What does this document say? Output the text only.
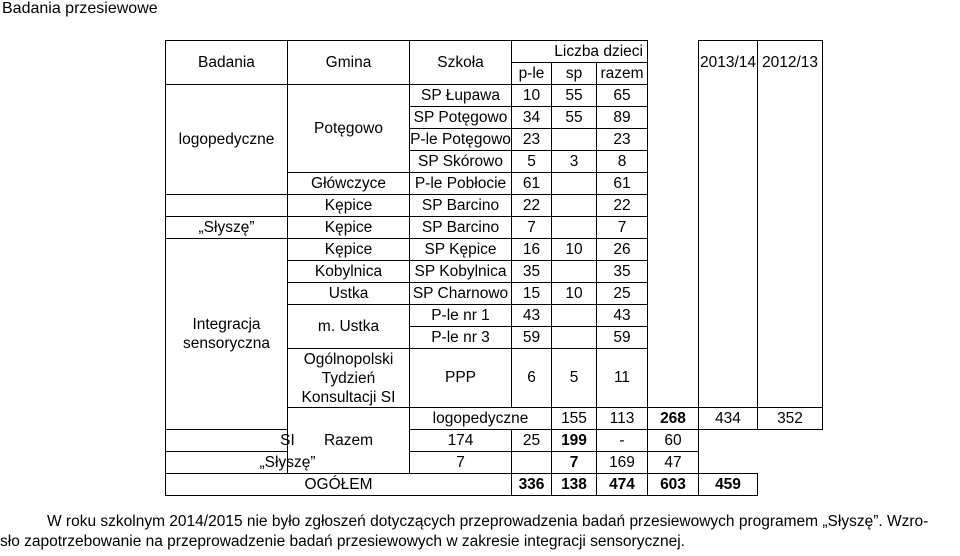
Badania przesiewowe
Badania	Gmina	Szkoła	Liczba dzieci				2013/14	2012/13
			p-le	sp	razem			
logopedyczne	Potęgowo	SP Łupawa	10	55	65			
		SP Potęgowo	34	55	89			
		P-le Potęgowo	23		23			
		SP Skórowo	5	3	8			
	Główczyce	P-le Pobłocie	61		61			
	Kępice	SP Barcino	22		22			
„Słyszę”	Kępice	SP Barcino	7		7			
Integracja sensoryczna	Kępice	SP Kępice	16	10	26			
	Kobylnica	SP Kobylnica	35		35			
	Ustka	SP Charnowo	15	10	25			
	m. Ustka	P-le nr 1	43		43			
		P-le nr 3	59		59			
	Ogólnopolski Tydzień Konsultacji SI	PPP	6	5	11			
	Razem	logopedyczne		155	113	268	434	352
SI		174	25	199	-	60		
„Słyszę”		7		7	169	47		
OGÓŁEM			336	138	474	603	459	
W roku szkolnym 2014/2015 nie było zgłoszeń dotyczących przeprowadzenia badań przesiewowych programem „Słyszę”. Wzro-
sło zapotrzebowanie na przeprowadzenie badań przesiewowych w zakresie integracji sensorycznej.
